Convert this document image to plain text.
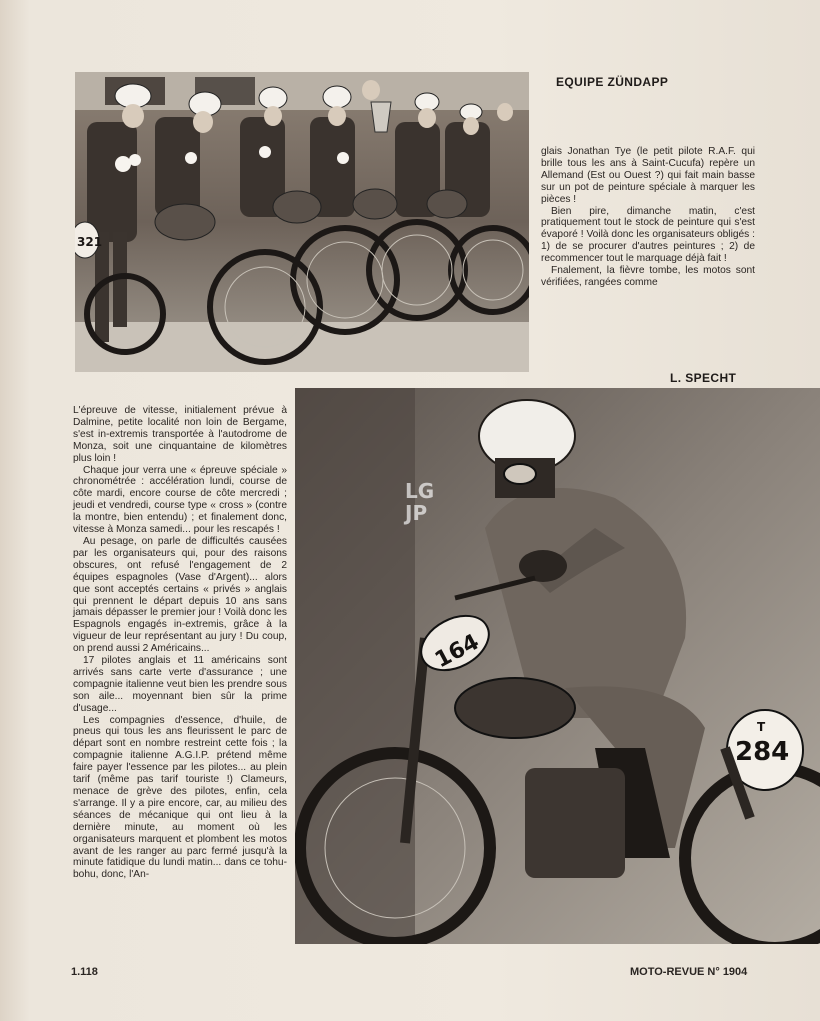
321
EQUIPE ZÜNDAPP

glais Jonathan Tye (le petit pilote R.A.F. qui brille tous les ans à Saint-Cucufa) repère un Allemand (Est ou Ouest ?) qui fait main basse sur un pot de peinture spéciale à marquer les pièces !

Bien pire, dimanche matin, c'est pratiquement tout le stock de peinture qui s'est évaporé ! Voilà donc les organisateurs obligés : 1) de se procurer d'autres peintures ; 2) de recommencer tout le marquage déjà fait !

Fnalement, la fièvre tombe, les motos sont vérifiées, rangées comme

L. SPECHT
164
T
284
LG
JP

L'épreuve de vitesse, initialement prévue à Dalmine, petite localité non loin de Bergame, s'est in-extremis transportée à l'autodrome de Monza, soit une cinquantaine de kilomètres plus loin !

Chaque jour verra une « épreuve spéciale » chronométrée : accélération lundi, course de côte mardi, encore course de côte mercredi ; jeudi et vendredi, course type « cross » (contre la montre, bien entendu) ; et finalement donc, vitesse à Monza samedi... pour les rescapés !

Au pesage, on parle de difficultés causées par les organisateurs qui, pour des raisons obscures, ont refusé l'engagement de 2 équipes espagnoles (Vase d'Argent)... alors que sont acceptés certains « privés » anglais qui prennent le départ depuis 10 ans sans jamais dépasser le premier jour ! Voilà donc les Espagnols engagés in-extremis, grâce à la vigueur de leur représentant au jury ! Du coup, on prend aussi 2 Américains...

17 pilotes anglais et 11 américains sont arrivés sans carte verte d'assurance ; une compagnie italienne veut bien les prendre sous son aile... moyennant bien sûr la prime d'usage...

Les compagnies d'essence, d'huile, de pneus qui tous les ans fleurissent le parc de départ sont en nombre restreint cette fois ; la compagnie italienne A.G.I.P. prétend même faire payer l'essence par les pilotes... au plein tarif (même pas tarif touriste !) Clameurs, menace de grève des pilotes, enfin, cela s'arrange. Il y a pire encore, car, au milieu des séances de mécanique qui ont lieu à la dernière minute, au moment où les organisateurs marquent et plombent les motos avant de les ranger au parc fermé jusqu'à la minute fatidique du lundi matin... dans ce tohu-bohu, donc, l'An-

1.118	MOTO-REVUE N° 1904
